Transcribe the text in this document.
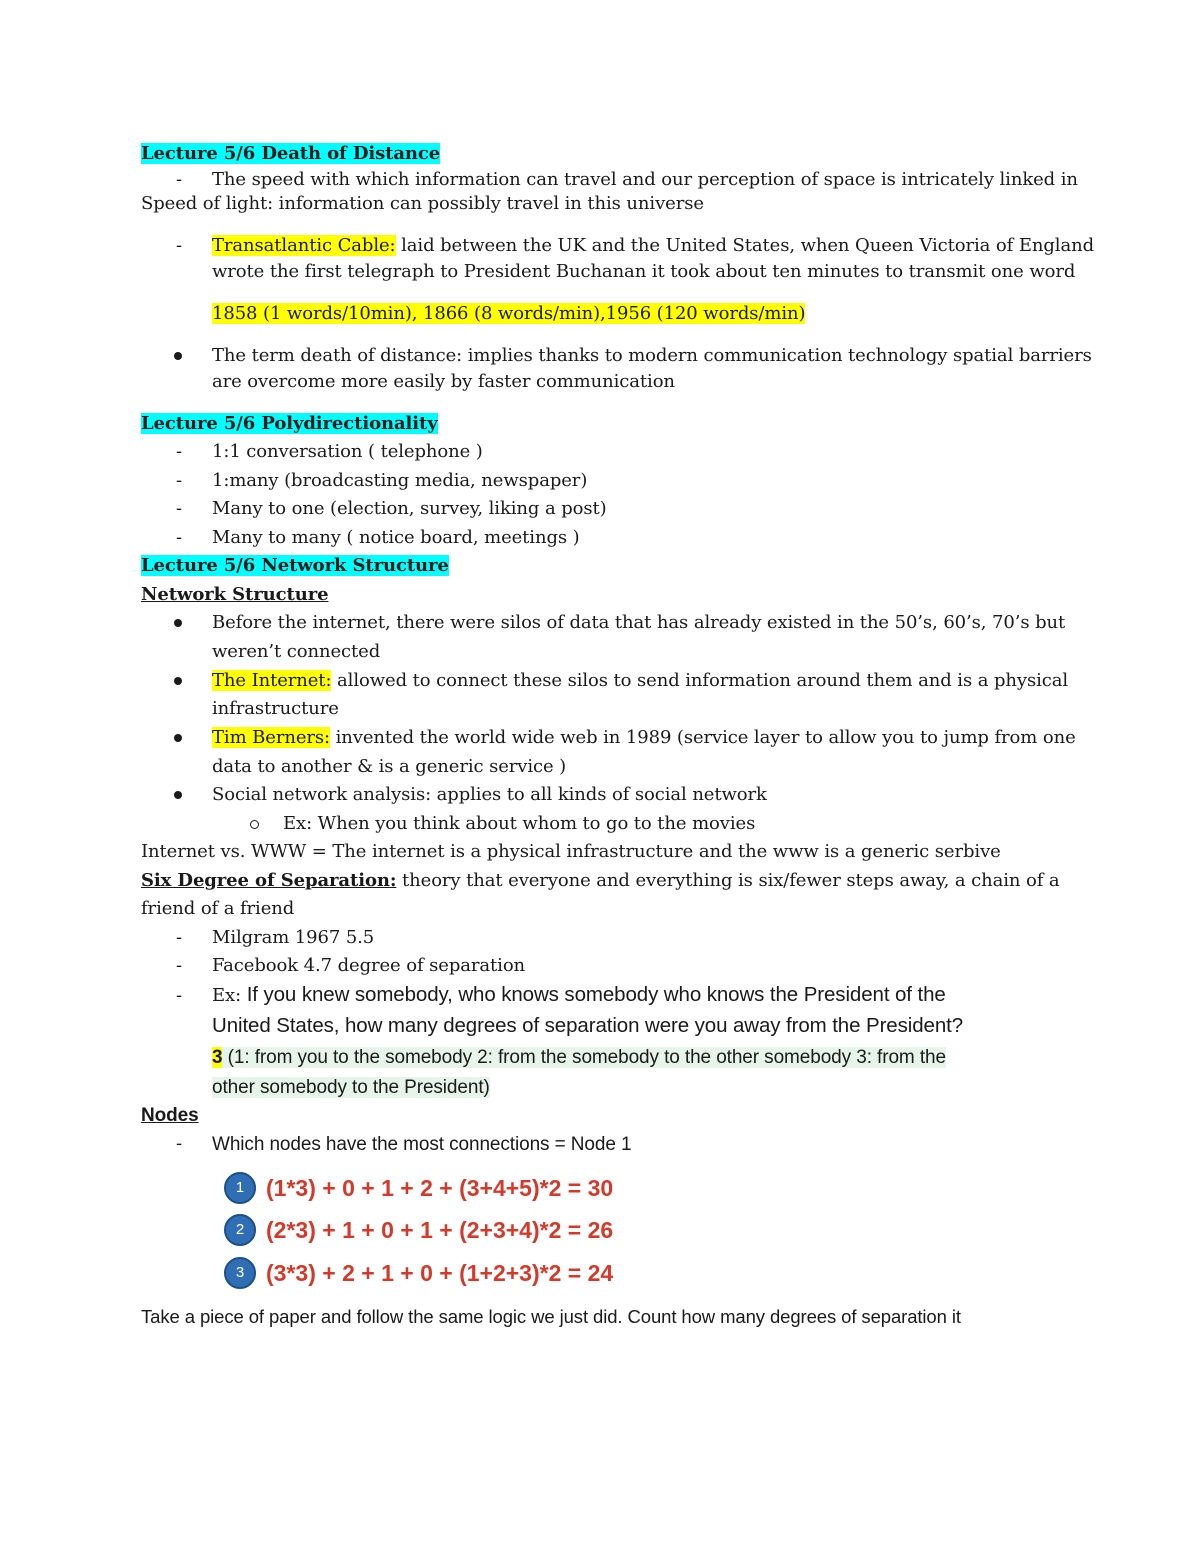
Lecture 5/6 Death of Distance
- The speed with which information can travel and our perception of space is intricately linked in
Speed of light: information can possibly travel in this universe
- Transatlantic Cable: laid between the UK and the United States, when Queen Victoria of England
wrote the first telegraph to President Buchanan it took about ten minutes to transmit one word
1858 (1 words/10min), 1866 (8 words/min),1956 (120 words/min)
The term death of distance: implies thanks to modern communication technology spatial barriers
are overcome more easily by faster communication
Lecture 5/6 Polydirectionality
- 1:1 conversation ( telephone )
- 1:many (broadcasting media, newspaper)
- Many to one (election, survey, liking a post)
- Many to many ( notice board, meetings )
Lecture 5/6 Network Structure
Network Structure
Before the internet, there were silos of data that has already existed in the 50’s, 60’s, 70’s but
weren’t connected
The Internet: allowed to connect these silos to send information around them and is a physical
infrastructure
Tim Berners: invented the world wide web in 1989 (service layer to allow you to jump from one
data to another & is a generic service )
Social network analysis: applies to all kinds of social network
Ex: When you think about whom to go to the movies
Internet vs. WWW = The internet is a physical infrastructure and the www is a generic serbive
Six Degree of Separation: theory that everyone and everything is six/fewer steps away, a chain of a
friend of a friend
- Milgram 1967 5.5
- Facebook 4.7 degree of separation
- Ex: If you knew somebody, who knows somebody who knows the President of the
United States, how many degrees of separation were you away from the President?
3 (1: from you to the somebody 2: from the somebody to the other somebody 3: from the
other somebody to the President)
Nodes
- Which nodes have the most connections = Node 1
1 (1*3) + 0 + 1 + 2 + (3+4+5)*2 = 30
2 (2*3) + 1 + 0 + 1 + (2+3+4)*2 = 26
3 (3*3) + 2 + 1 + 0 + (1+2+3)*2 = 24
Take a piece of paper and follow the same logic we just did. Count how many degrees of separation it
